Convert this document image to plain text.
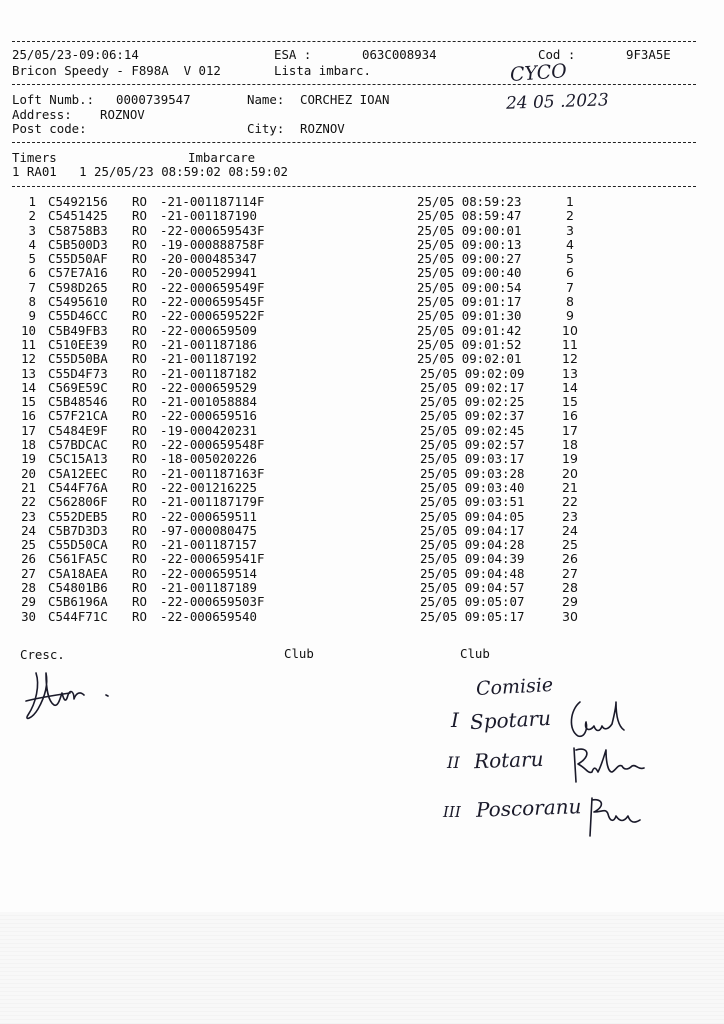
25/05/23-09:06:14	ESA :	063C008934	Cod :	9F3A5E
Bricon Speedy - F898A  V 012	Lista imbarc.	CYCO
24 05 .2023
Loft Numb.: 0000739547	Name: CORCHEZ IOAN
Address: ROZNOV
Post code:	City: ROZNOV
Timers	Imbarcare
1 RA01   1 25/05/23 08:59:02 08:59:02
1 C5492156 RO -21-001187114F	25/05 08:59:23	1
2 C5451425 RO -21-001187190	25/05 08:59:47	2
3 C58758B3 RO -22-000659543F	25/05 09:00:01	3
4 C5B500D3 RO -19-000888758F	25/05 09:00:13	4
5 C55D50AF RO -20-000485347	25/05 09:00:27	5
6 C57E7A16 RO -20-000529941	25/05 09:00:40	6
7 C598D265 RO -22-000659549F	25/05 09:00:54	7
8 C5495610 RO -22-000659545F	25/05 09:01:17	8
9 C55D46CC RO -22-000659522F	25/05 09:01:30	9
10 C5B49FB3 RO -22-000659509	25/05 09:01:42	10
11 C510EE39 RO -21-001187186	25/05 09:01:52	11
12 C55D50BA RO -21-001187192	25/05 09:02:01	12
13 C55D4F73 RO -21-001187182	25/05 09:02:09	13
14 C569E59C RO -22-000659529	25/05 09:02:17	14
15 C5B48546 RO -21-001058884	25/05 09:02:25	15
16 C57F21CA RO -22-000659516	25/05 09:02:37	16
17 C5484E9F RO -19-000420231	25/05 09:02:45	17
18 C57BDCAC RO -22-000659548F	25/05 09:02:57	18
19 C5C15A13 RO -18-005020226	25/05 09:03:17	19
20 C5A12EEC RO -21-001187163F	25/05 09:03:28	20
21 C544F76A RO -22-001216225	25/05 09:03:40	21
22 C562806F RO -21-001187179F	25/05 09:03:51	22
23 C552DEB5 RO -22-000659511	25/05 09:04:05	23
24 C5B7D3D3 RO -97-000080475	25/05 09:04:17	24
25 C55D50CA RO -21-001187157	25/05 09:04:28	25
26 C561FA5C RO -22-000659541F	25/05 09:04:39	26
27 C5A18AEA RO -22-000659514	25/05 09:04:48	27
28 C54801B6 RO -21-001187189	25/05 09:04:57	28
29 C5B6196A RO -22-000659503F	25/05 09:05:07	29
30 C544F71C RO -22-000659540	25/05 09:05:17	30
Cresc.	Club	Club
Comisie
I Spotaru
II Rotaru
III Poscoranu
